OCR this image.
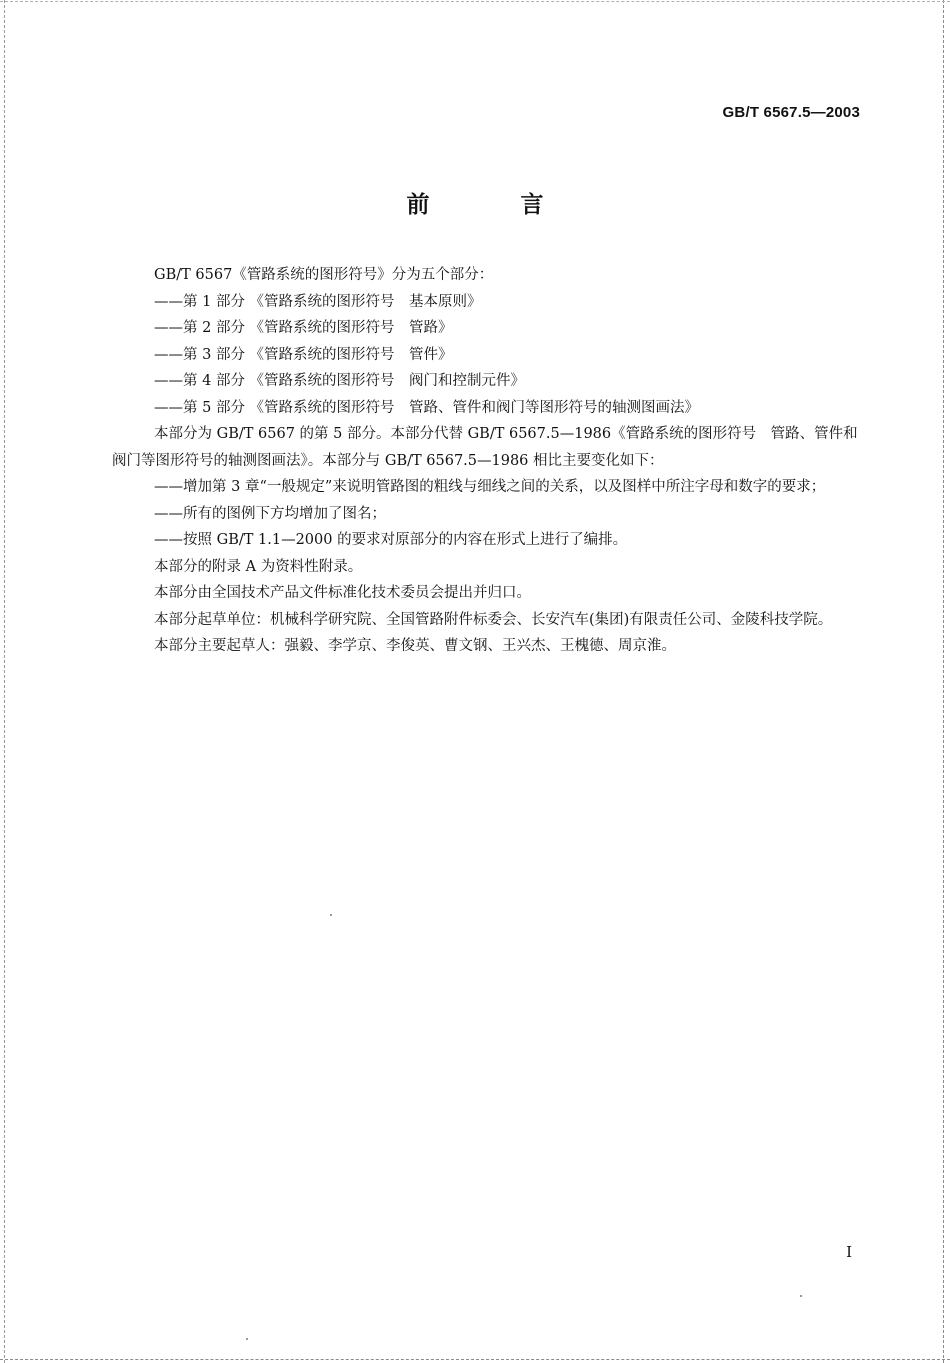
GB/T 6567.5—2003
前　言

GB/T 6567《管路系统的图形符号》分为五个部分：

——第 1 部分 《管路系统的图形符号　基本原则》

——第 2 部分 《管路系统的图形符号　管路》

——第 3 部分 《管路系统的图形符号　管件》

——第 4 部分 《管路系统的图形符号　阀门和控制元件》

——第 5 部分 《管路系统的图形符号　管路、管件和阀门等图形符号的轴测图画法》

本部分为 GB/T 6567 的第 5 部分。本部分代替 GB/T 6567.5—1986《管路系统的图形符号　管路、管件和阀门等图形符号的轴测图画法》。本部分与 GB/T 6567.5—1986 相比主要变化如下：

——增加第 3 章“一般规定”来说明管路图的粗线与细线之间的关系，以及图样中所注字母和数字的要求；

——所有的图例下方均增加了图名；

——按照 GB/T 1.1—2000 的要求对原部分的内容在形式上进行了编排。

本部分的附录 A 为资料性附录。

本部分由全国技术产品文件标准化技术委员会提出并归口。

本部分起草单位：机械科学研究院、全国管路附件标委会、长安汽车(集团)有限责任公司、金陵科技学院。

本部分主要起草人：强毅、李学京、李俊英、曹文钢、王兴杰、王槐德、周京淮。

I
